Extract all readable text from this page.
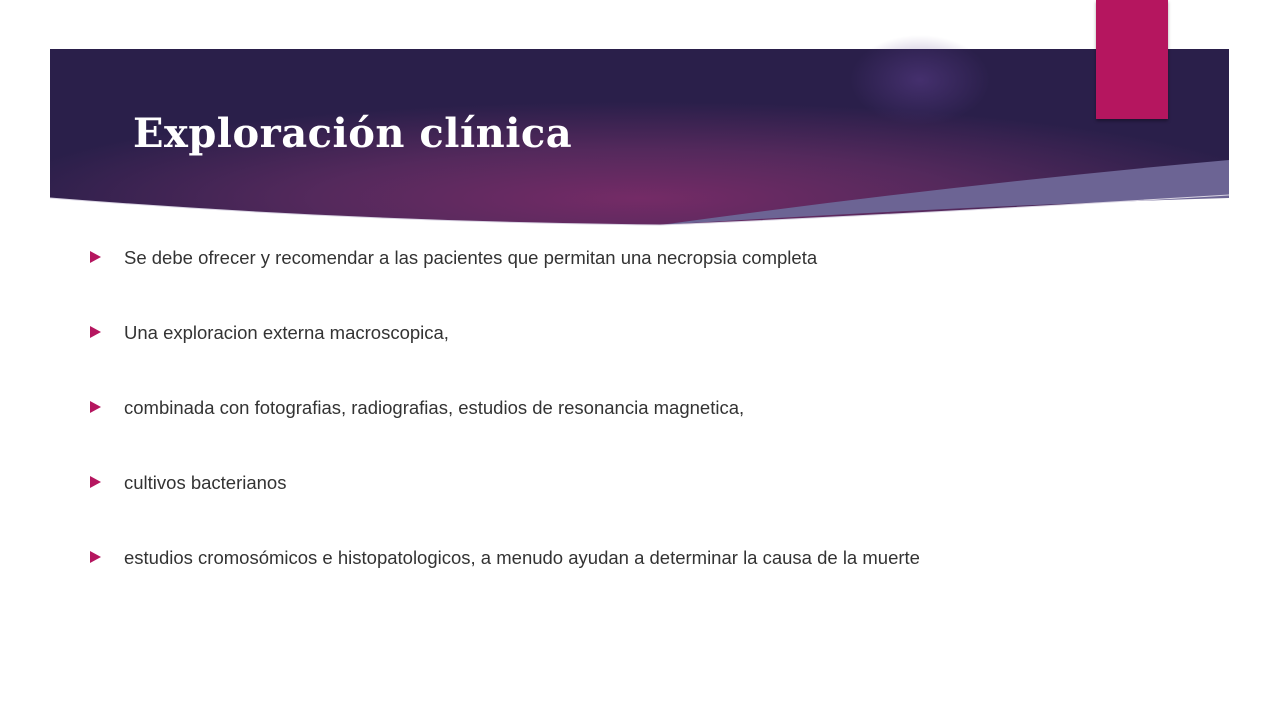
Exploración clínica
Se debe ofrecer y recomendar a las pacientes que permitan una necropsia completa
Una exploracion externa macroscopica,
combinada con fotografias, radiografias, estudios de resonancia magnetica,
cultivos bacterianos
estudios cromosómicos e histopatologicos, a menudo ayudan a determinar la causa de la muerte
